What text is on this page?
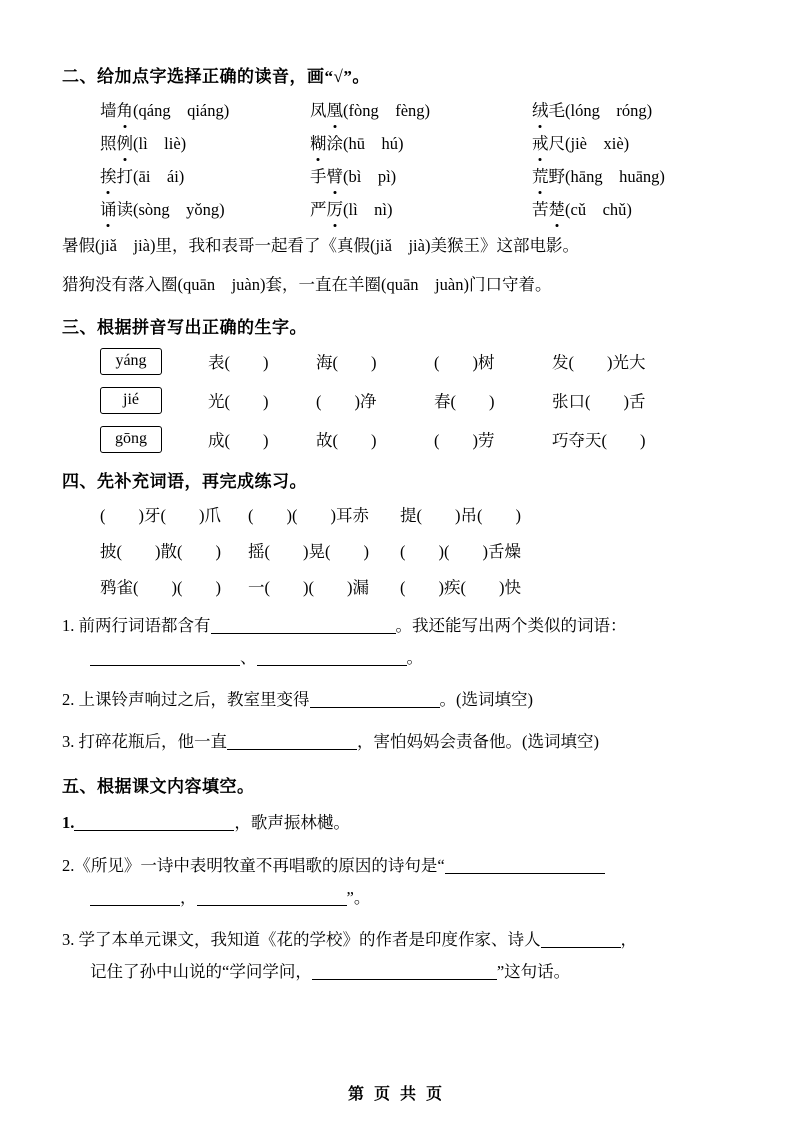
二、给加点字选择正确的读音，画“√”。
墙 角 (qáng　qiáng)	凤 凰 (fòng　fèng)	绒 毛 (lóng　róng)
照 例 (lì　liè)	糊 涂 (hū　hú)	戒 尺 (jiè　xiè)
挨 打 (āi　ái)	手 臂 (bì　pì)	荒 野 (hāng　huāng)
诵 读 (sòng　yǒng)	严 厉 (lì　nì)	苦 楚 (cǔ　chǔ)
暑假(jiǎ　jià)里，我和表哥一起看了《真假(jiǎ　jià)美猴王》这部电影。
猎狗没有落入圈(quān　juàn)套，一直在羊圈(quān　juàn)门口守着。
三、根据拼音写出正确的生字。
yáng	表(　　)	海(　　)	(　　)树	发(　　)光大
jié	光(　　)	(　　)净	春(　　)	张口(　　)舌
gōng	成(　　)	故(　　)	(　　)劳	巧夺天(　　)
四、先补充词语，再完成练习。
(　　)牙(　　)爪	(　　)(　　)耳赤	提(　　)吊(　　)
披(　　)散(　　)	摇(　　)晃(　　)	(　　)(　　)舌燥
鸦雀(　　)(　　)	一(　　)(　　)漏	(　　)疾(　　)快
1. 前两行词语都含有	。我还能写出两个类似的词语：
、	。
2. 上课铃声响过之后，教室里变得	。(选词填空)
3. 打碎花瓶后，他一直	，害怕妈妈会责备他。(选词填空)
五、根据课文内容填空。
1.	，歌声振林樾。
2.《所见》一诗中表明牧童不再唱歌的原因的诗句是“
，	”。
3. 学了本单元课文，我知道《花的学校》的作者是印度作家、诗人	，
记住了孙中山说的“学问学问，	”这句话。
第 页 共 页
